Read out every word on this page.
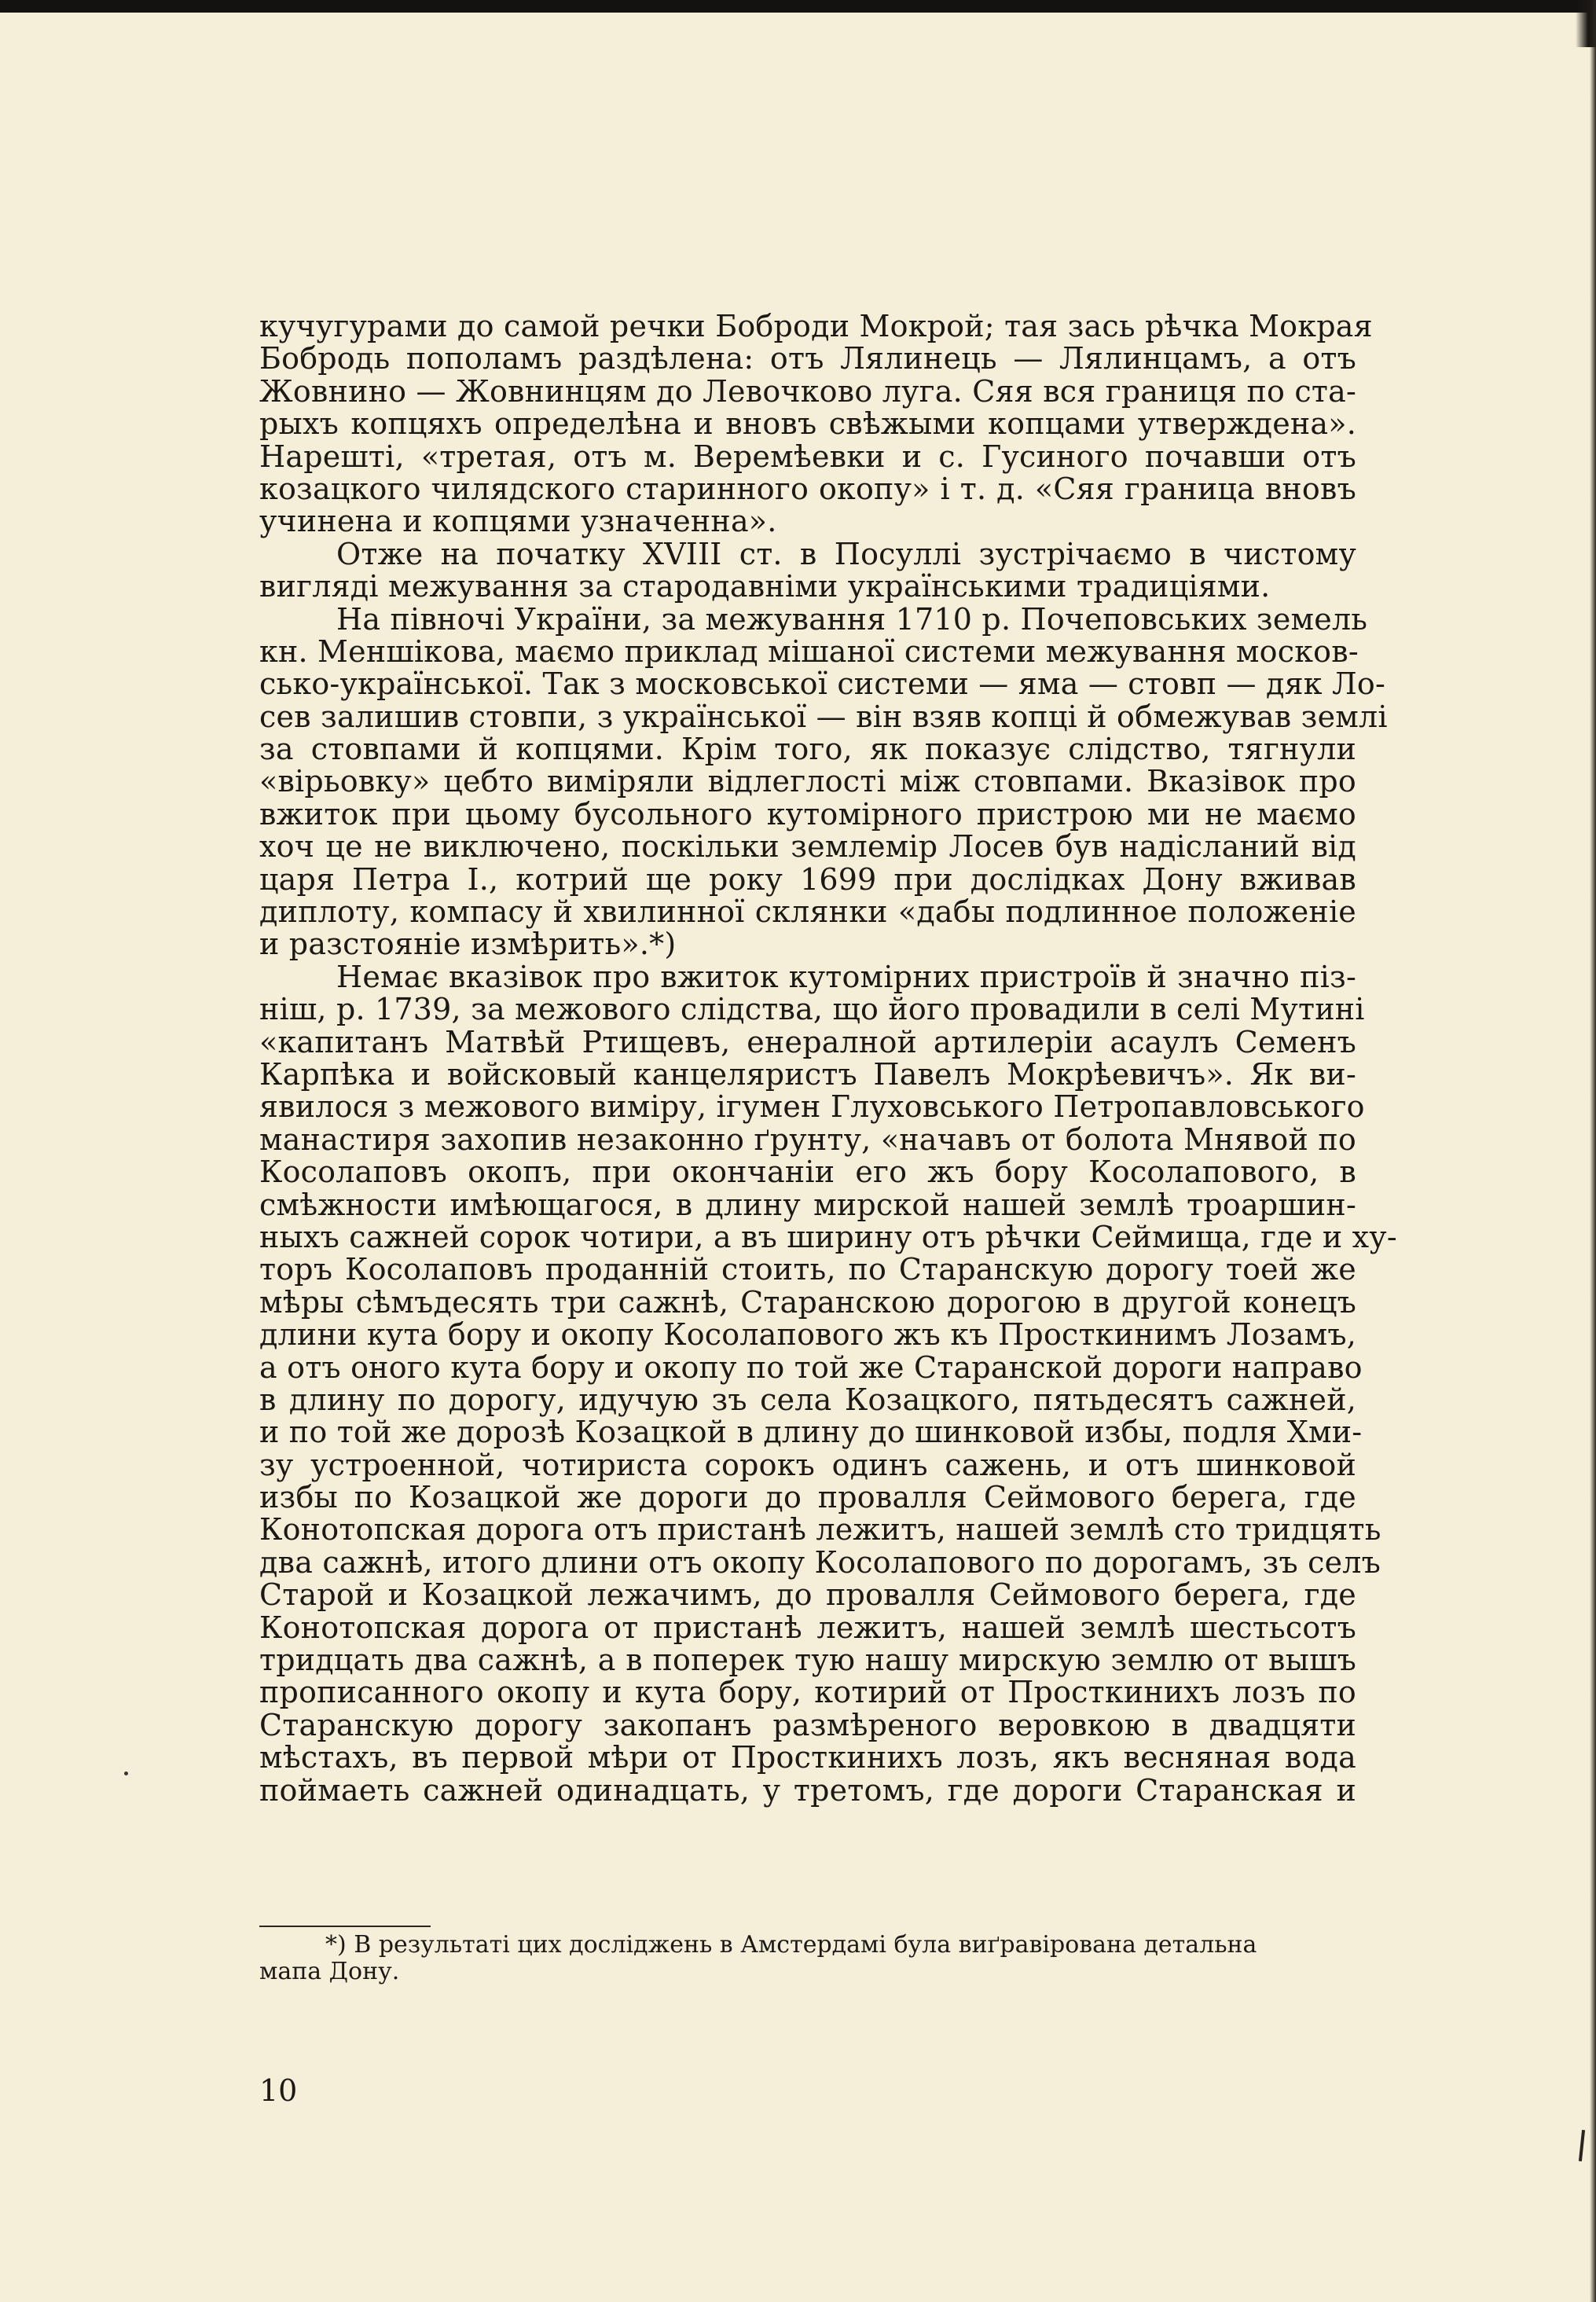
кучугурами до самой речки Боброди Мокрой; тая зась рѣчка Мокрая
Бобродь пополамъ раздѣлена: отъ Лялинець — Лялинцамъ, а отъ
Жовнино — Жовнинцям до Левочково луга. Сяя вся границя по ста-
рыхъ копцяхъ определѣна и вновъ свѣжыми копцами утверждена».
Нарешті, «третая, отъ м. Веремѣевки и с. Гусиного почавши отъ
козацкого чилядского старинного окопу» і т. д. «Сяя граница вновъ
учинена и копцями узначенна».
Отже на початку XVIII ст. в Посуллі зустрічаємо в чистому
вигляді межування за стародавніми українськими традиціями.
На півночі України, за межування 1710 р. Почеповських земель
кн. Меншікова, маємо приклад мішаної системи межування москов-
сько-української. Так з московської системи — яма — стовп — дяк Ло-
сев залишив стовпи, з української — він взяв копці й обмежував землі
за стовпами й копцями. Крім того, як показує слідство, тягнули
«вірьовку» цебто виміряли відлеглості між стовпами. Вказівок про
вжиток при цьому бусольного кутомірного пристрою ми не маємо
хоч це не виключено, поскільки землемір Лосев був надісланий від
царя Петра І., котрий ще року 1699 при дослідках Дону вживав
диплоту, компасу й хвилинної склянки «дабы подлинное положеніе
и разстояніе измѣрить».*)
Немає вказівок про вжиток кутомірних пристроїв й значно піз-
ніш, р. 1739, за межового слідства, що його провадили в селі Мутині
«капитанъ Матвѣй Ртищевъ, енералной артилеріи асаулъ Семенъ
Карпѣка и войсковый канцеляристъ Павелъ Мокрѣевичъ». Як ви-
явилося з межового виміру, ігумен Глуховського Петропавловського
манастиря захопив незаконно ґрунту, «начавъ от болота Мнявой по
Косолаповъ окопъ, при окончаніи его жъ бору Косолапового, в
смѣжности имѣющагося, в длину мирской нашей землѣ троаршин-
ныхъ сажней сорок чотири, а въ ширину отъ рѣчки Сеймища, где и ху-
торъ Косолаповъ проданній стоить, по Старанскую дорогу тоей же
мѣры сѣмъдесять три сажнѣ, Старанскою дорогою в другой конецъ
длини кута бору и окопу Косолапового жъ къ Просткинимъ Лозамъ,
а отъ оного кута бору и окопу по той же Старанской дороги направо
в длину по дорогу, идучую зъ села Козацкого, пятьдесятъ сажней,
и по той же дорозѣ Козацкой в длину до шинковой избы, подля Хми-
зу устроенной, чотириста сорокъ одинъ сажень, и отъ шинковой
избы по Козацкой же дороги до провалля Сеймового берега, где
Конотопская дорога отъ пристанѣ лежитъ, нашей землѣ сто тридцять
два сажнѣ, итого длини отъ окопу Косолапового по дорогамъ, зъ селъ
Старой и Козацкой лежачимъ, до провалля Сеймового берега, где
Конотопская дорога от пристанѣ лежитъ, нашей землѣ шестьсотъ
тридцать два сажнѣ, а в поперек тую нашу мирскую землю от вышъ
прописанного окопу и кута бору, котирий от Просткиниxъ лозъ по
Старанскую дорогу закопанъ размѣреного веровкою в двадцяти
мѣстахъ, въ первой мѣри от Просткиниxъ лозъ, якъ весняная вода
поймаеть сажней одинадцать, у третомъ, где дороги Старанская и
*) В результаті цих досліджень в Амстердамі була виґравірована детальна
мапа Дону.
10
